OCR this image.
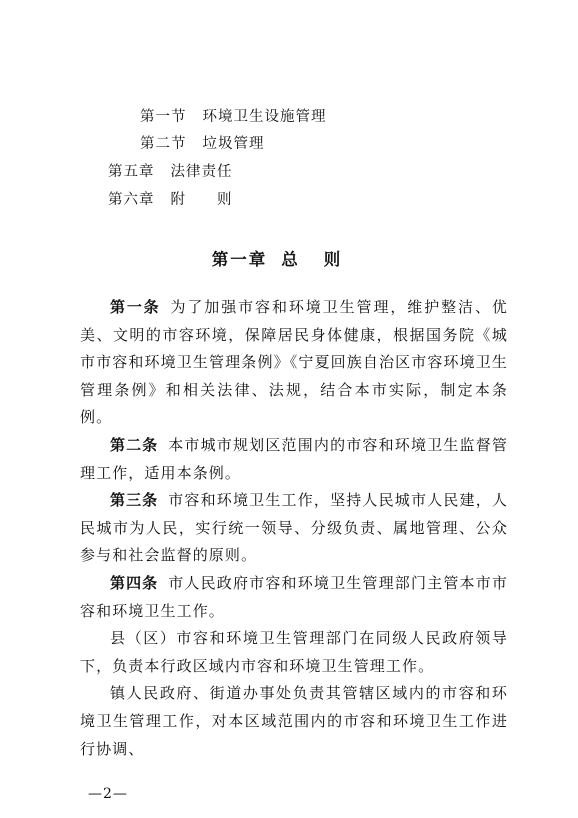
第一节 环境卫生设施管理
第二节 垃圾管理
第五章 法律责任
第六章 附　　则
第一章 总则

第一条 为了加强市容和环境卫生管理，维护整洁、优美、文明的市容环境，保障居民身体健康，根据国务院《城市市容和环境卫生管理条例》《宁夏回族自治区市容环境卫生管理条例》和相关法律、法规，结合本市实际，制定本条例。

第二条 本市城市规划区范围内的市容和环境卫生监督管理工作，适用本条例。

第三条 市容和环境卫生工作，坚持人民城市人民建，人民城市为人民，实行统一领导、分级负责、属地管理、公众参与和社会监督的原则。

第四条 市人民政府市容和环境卫生管理部门主管本市市容和环境卫生工作。

县（区）市容和环境卫生管理部门在同级人民政府领导下，负责本行政区域内市容和环境卫生管理工作。

镇人民政府、街道办事处负责其管辖区域内的市容和环境卫生管理工作，对本区域范围内的市容和环境卫生工作进行协调、

—2—
